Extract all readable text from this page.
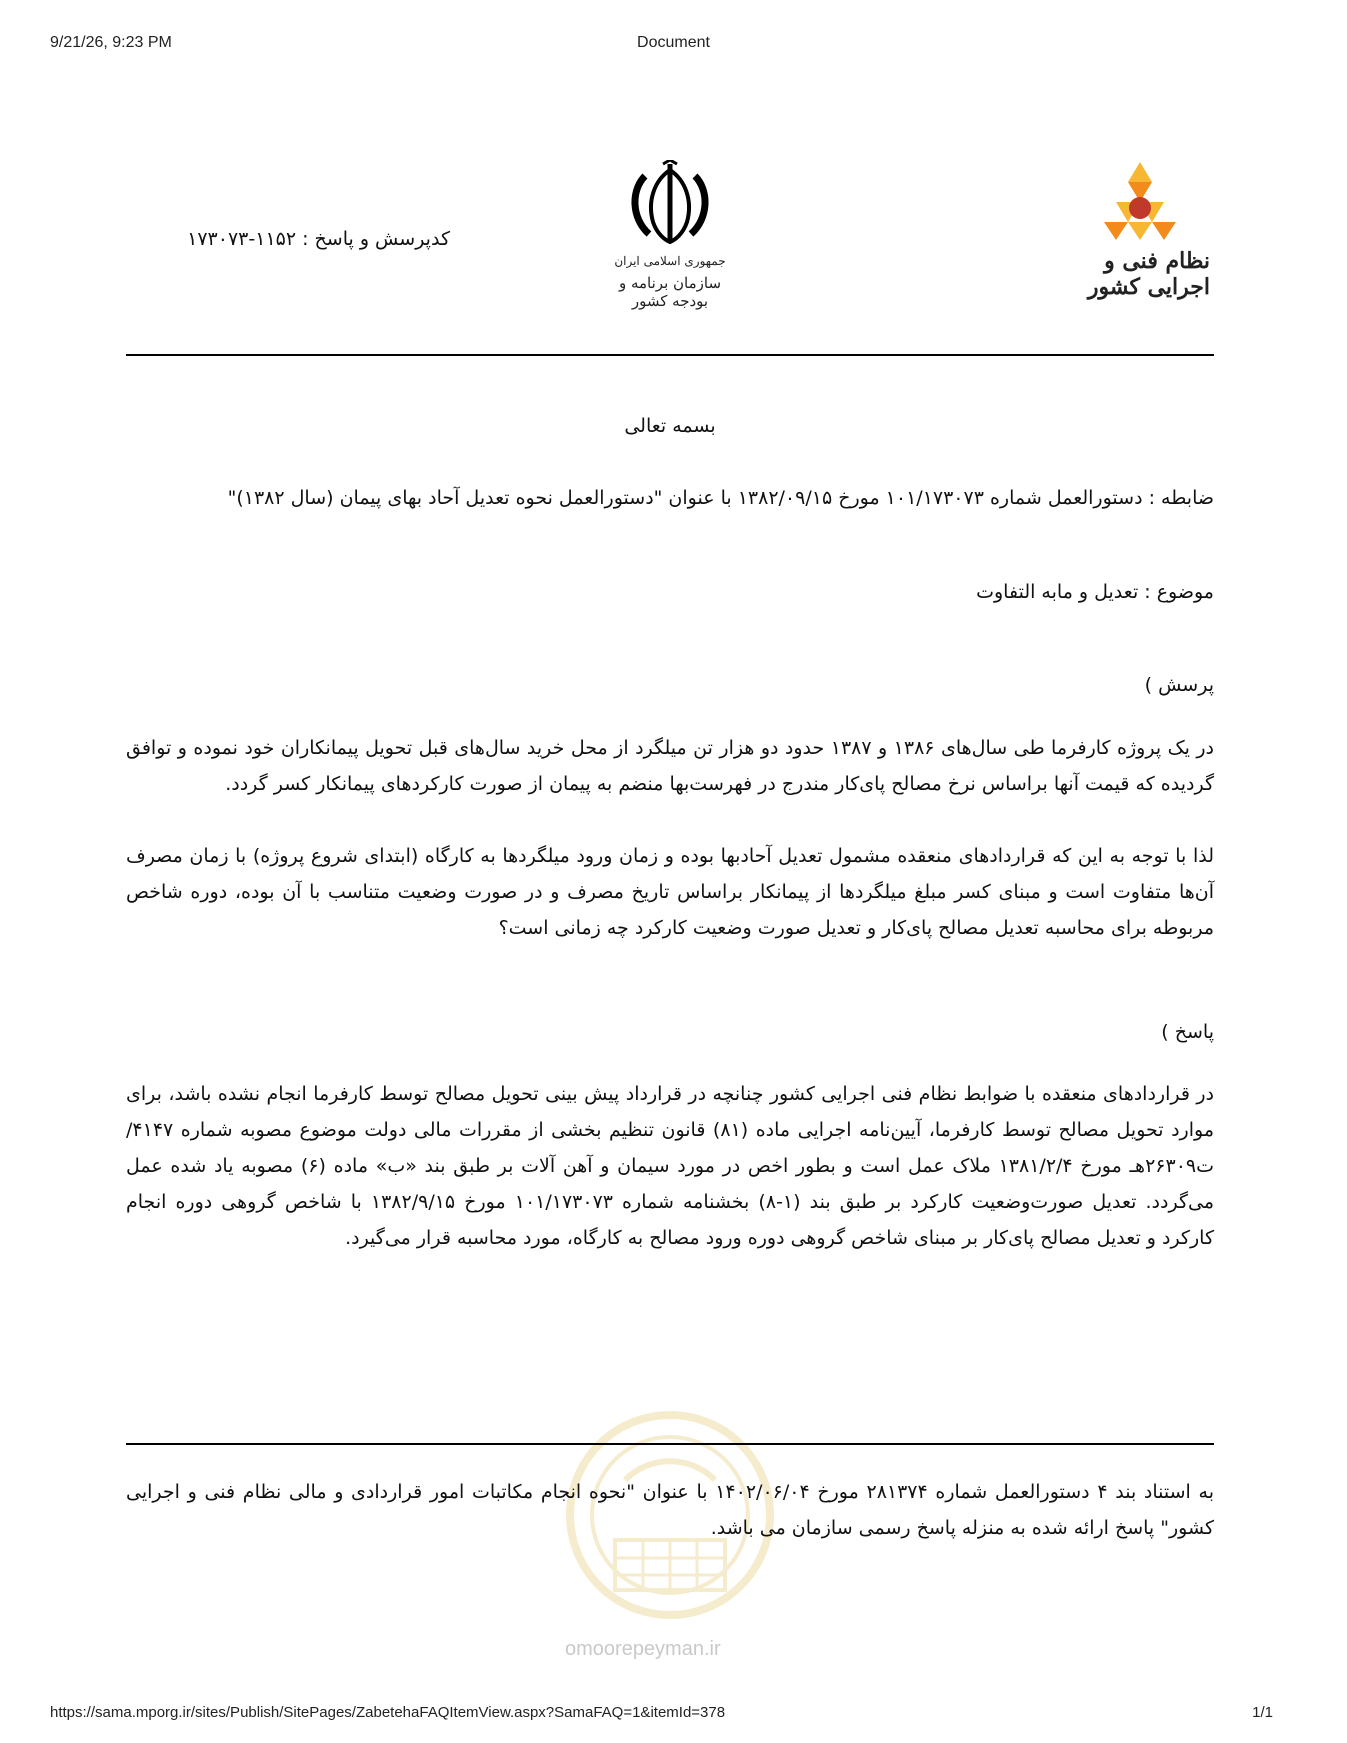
9/21/26, 9:23 PM	Document
نظام فنی و اجرایی کشور
جمهوری اسلامی ایران
سازمان برنامه و بودجه کشور
کدپرسش و پاسخ : ۱۱۵۲-۱۷۳۰۷۳
بسمه تعالی
ضابطه : دستورالعمل شماره ۱۰۱/۱۷۳۰۷۳ مورخ ۱۳۸۲/۰۹/۱۵ با عنوان "دستورالعمل نحوه تعدیل آحاد بهای پیمان (سال ۱۳۸۲)"
موضوع : تعدیل و مابه التفاوت
پرسش )
در یک پروژه کارفرما طی سال‌های ۱۳۸۶ و ۱۳۸۷ حدود دو هزار تن میلگرد از محل خرید سال‌های قبل تحویل پیمانکاران خود نموده و توافق گردیده که قیمت آنها براساس نرخ مصالح پای‌کار مندرج در فهرست‌بها منضم به پیمان از صورت کارکردهای پیمانکار کسر گردد.
لذا با توجه به این که قراردادهای منعقده مشمول تعدیل آحادبها بوده و زمان ورود میلگردها به کارگاه (ابتدای شروع پروژه) با زمان مصرف آن‌ها متفاوت است و مبنای کسر مبلغ میلگردها از پیمانکار براساس تاریخ مصرف و در صورت وضعیت متناسب با آن بوده، دوره شاخص مربوطه برای محاسبه تعدیل مصالح پای‌کار و تعدیل صورت وضعیت کارکرد چه زمانی است؟
پاسخ )
در قراردادهای منعقده با ضوابط نظام فنی اجرایی کشور چنانچه در قرارداد پیش بینی تحویل مصالح توسط کارفرما انجام نشده باشد، برای موارد تحویل مصالح توسط کارفرما، آیین‌نامه اجرایی ماده (۸۱) قانون تنظیم بخشی از مقررات مالی دولت موضوع مصوبه شماره ۴۱۴۷/ت۲۶۳۰۹هـ مورخ ۱۳۸۱/۲/۴ ملاک عمل است و بطور اخص در مورد سیمان و آهن آلات بر طبق بند «ب» ماده (۶) مصوبه یاد شده عمل می‌گردد. تعدیل صورت‌وضعیت کارکرد بر طبق بند (۱-۸) بخشنامه شماره ۱۰۱/۱۷۳۰۷۳ مورخ ۱۳۸۲/۹/۱۵ با شاخص گروهی دوره انجام کارکرد و تعدیل مصالح پای‌کار بر مبنای شاخص گروهی دوره ورود مصالح به کارگاه، مورد محاسبه قرار می‌گیرد.
به استناد بند ۴ دستورالعمل شماره ۲۸۱۳۷۴ مورخ ۱۴۰۲/۰۶/۰۴ با عنوان "نحوه انجام مکاتبات امور قراردادی و مالی نظام فنی و اجرایی کشور" پاسخ ارائه شده به منزله پاسخ رسمی سازمان می باشد.
omoorepeyman.ir
https://sama.mporg.ir/sites/Publish/SitePages/ZabetehaFAQItemView.aspx?SamaFAQ=1&itemId=378	1/1
